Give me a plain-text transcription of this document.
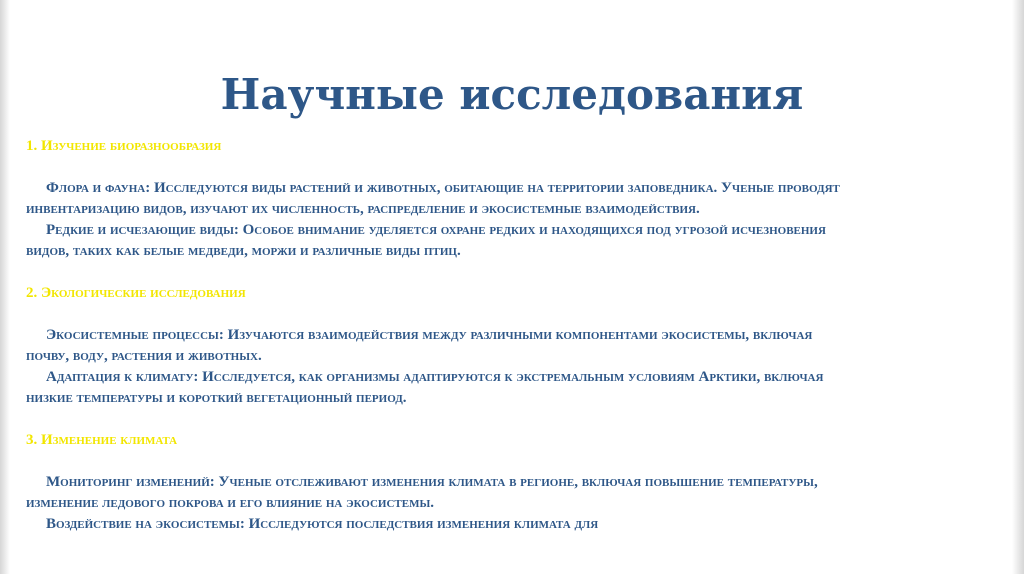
Научные исследования

1. Изучение биоразнообразия

Флора и фауна: Исследуются виды растений и животных, обитающие на территории заповедника. Ученые проводят инвентаризацию видов, изучают их численность, распределение и экосистемные взаимодействия.

Редкие и исчезающие виды: Особое внимание уделяется охране редких и находящихся под угрозой исчезновения видов, таких как белые медведи, моржи и различные виды птиц.

2. Экологические исследования

Экосистемные процессы: Изучаются взаимодействия между различными компонентами экосистемы, включая почву, воду, растения и животных.

Адаптация к климату: Исследуется, как организмы адаптируются к экстремальным условиям Арктики, включая низкие температуры и короткий вегетационный период.

3. Изменение климата

Мониторинг изменений: Ученые отслеживают изменения климата в регионе, включая повышение температуры, изменение ледового покрова и его влияние на экосистемы.

Воздействие на экосистемы: Исследуются последствия изменения климата для
